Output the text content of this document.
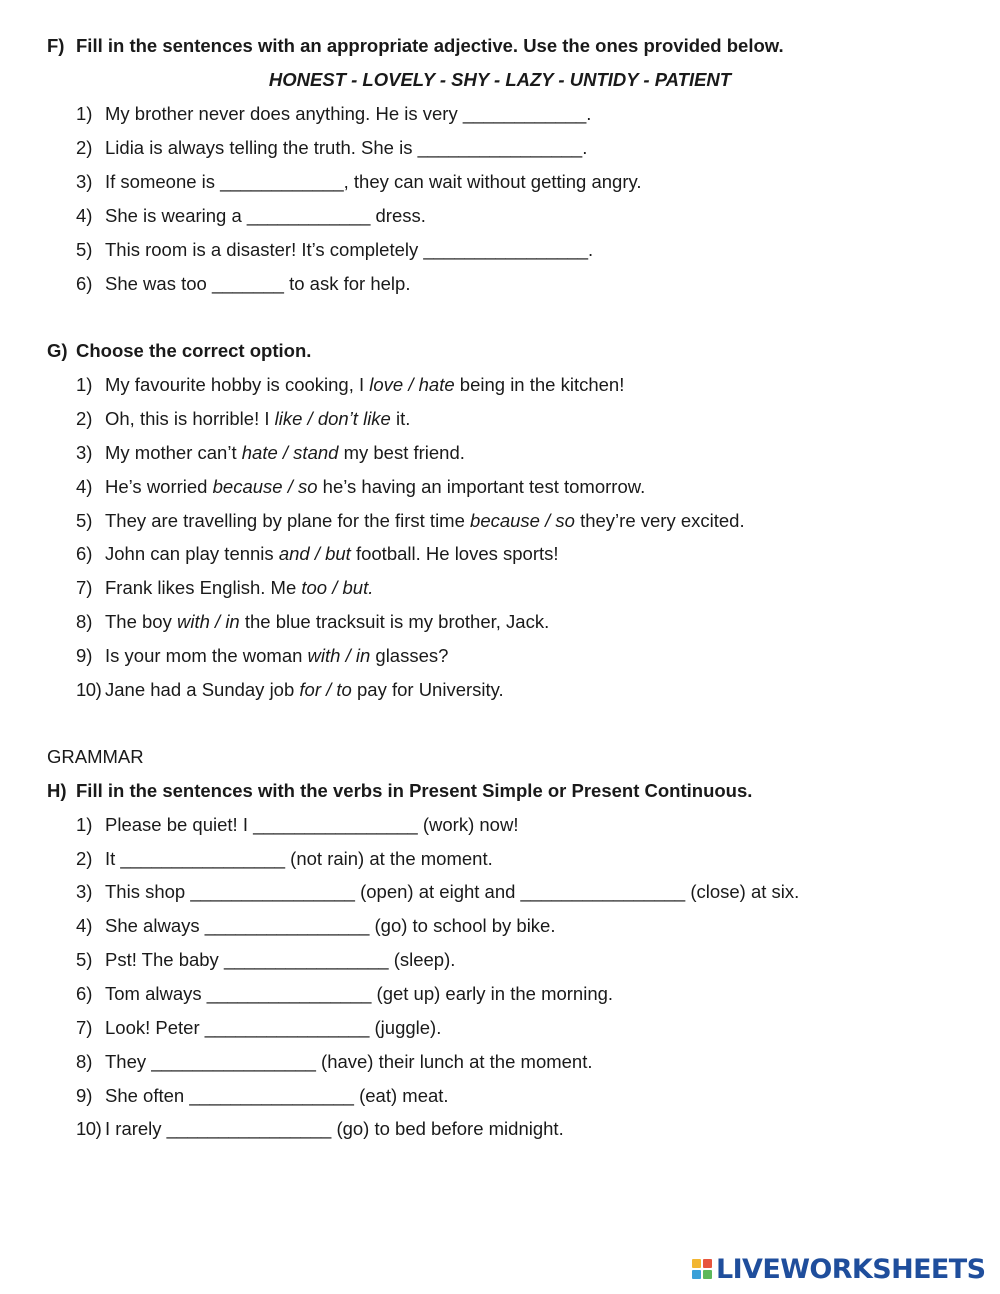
F) Fill in the sentences with an appropriate adjective. Use the ones provided below.
HONEST - LOVELY - SHY - LAZY - UNTIDY - PATIENT
1) My brother never does anything. He is very ____________.
2) Lidia is always telling the truth. She is ________________.
3) If someone is ____________, they can wait without getting angry.
4) She is wearing a ____________ dress.
5) This room is a disaster! It’s completely ________________.
6) She was too _______ to ask for help.
G) Choose the correct option.
1) My favourite hobby is cooking, I love / hate being in the kitchen!
2) Oh, this is horrible! I like / don’t like it.
3) My mother can’t hate / stand my best friend.
4) He’s worried because / so he’s having an important test tomorrow.
5) They are travelling by plane for the first time because / so they’re very excited.
6) John can play tennis and / but football. He loves sports!
7) Frank likes English. Me too / but.
8) The boy with / in the blue tracksuit is my brother, Jack.
9) Is your mom the woman with / in glasses?
10) Jane had a Sunday job for / to pay for University.
GRAMMAR
H) Fill in the sentences with the verbs in Present Simple or Present Continuous.
1) Please be quiet! I ________________ (work) now!
2) It ________________ (not rain) at the moment.
3) This shop ________________ (open) at eight and ________________ (close) at six.
4) She always ________________ (go) to school by bike.
5) Pst! The baby ________________ (sleep).
6) Tom always ________________ (get up) early in the morning.
7) Look! Peter ________________ (juggle).
8) They ________________ (have) their lunch at the moment.
9) She often ________________ (eat) meat.
10) I rarely ________________ (go) to bed before midnight.
LIVEWORKSHEETS
